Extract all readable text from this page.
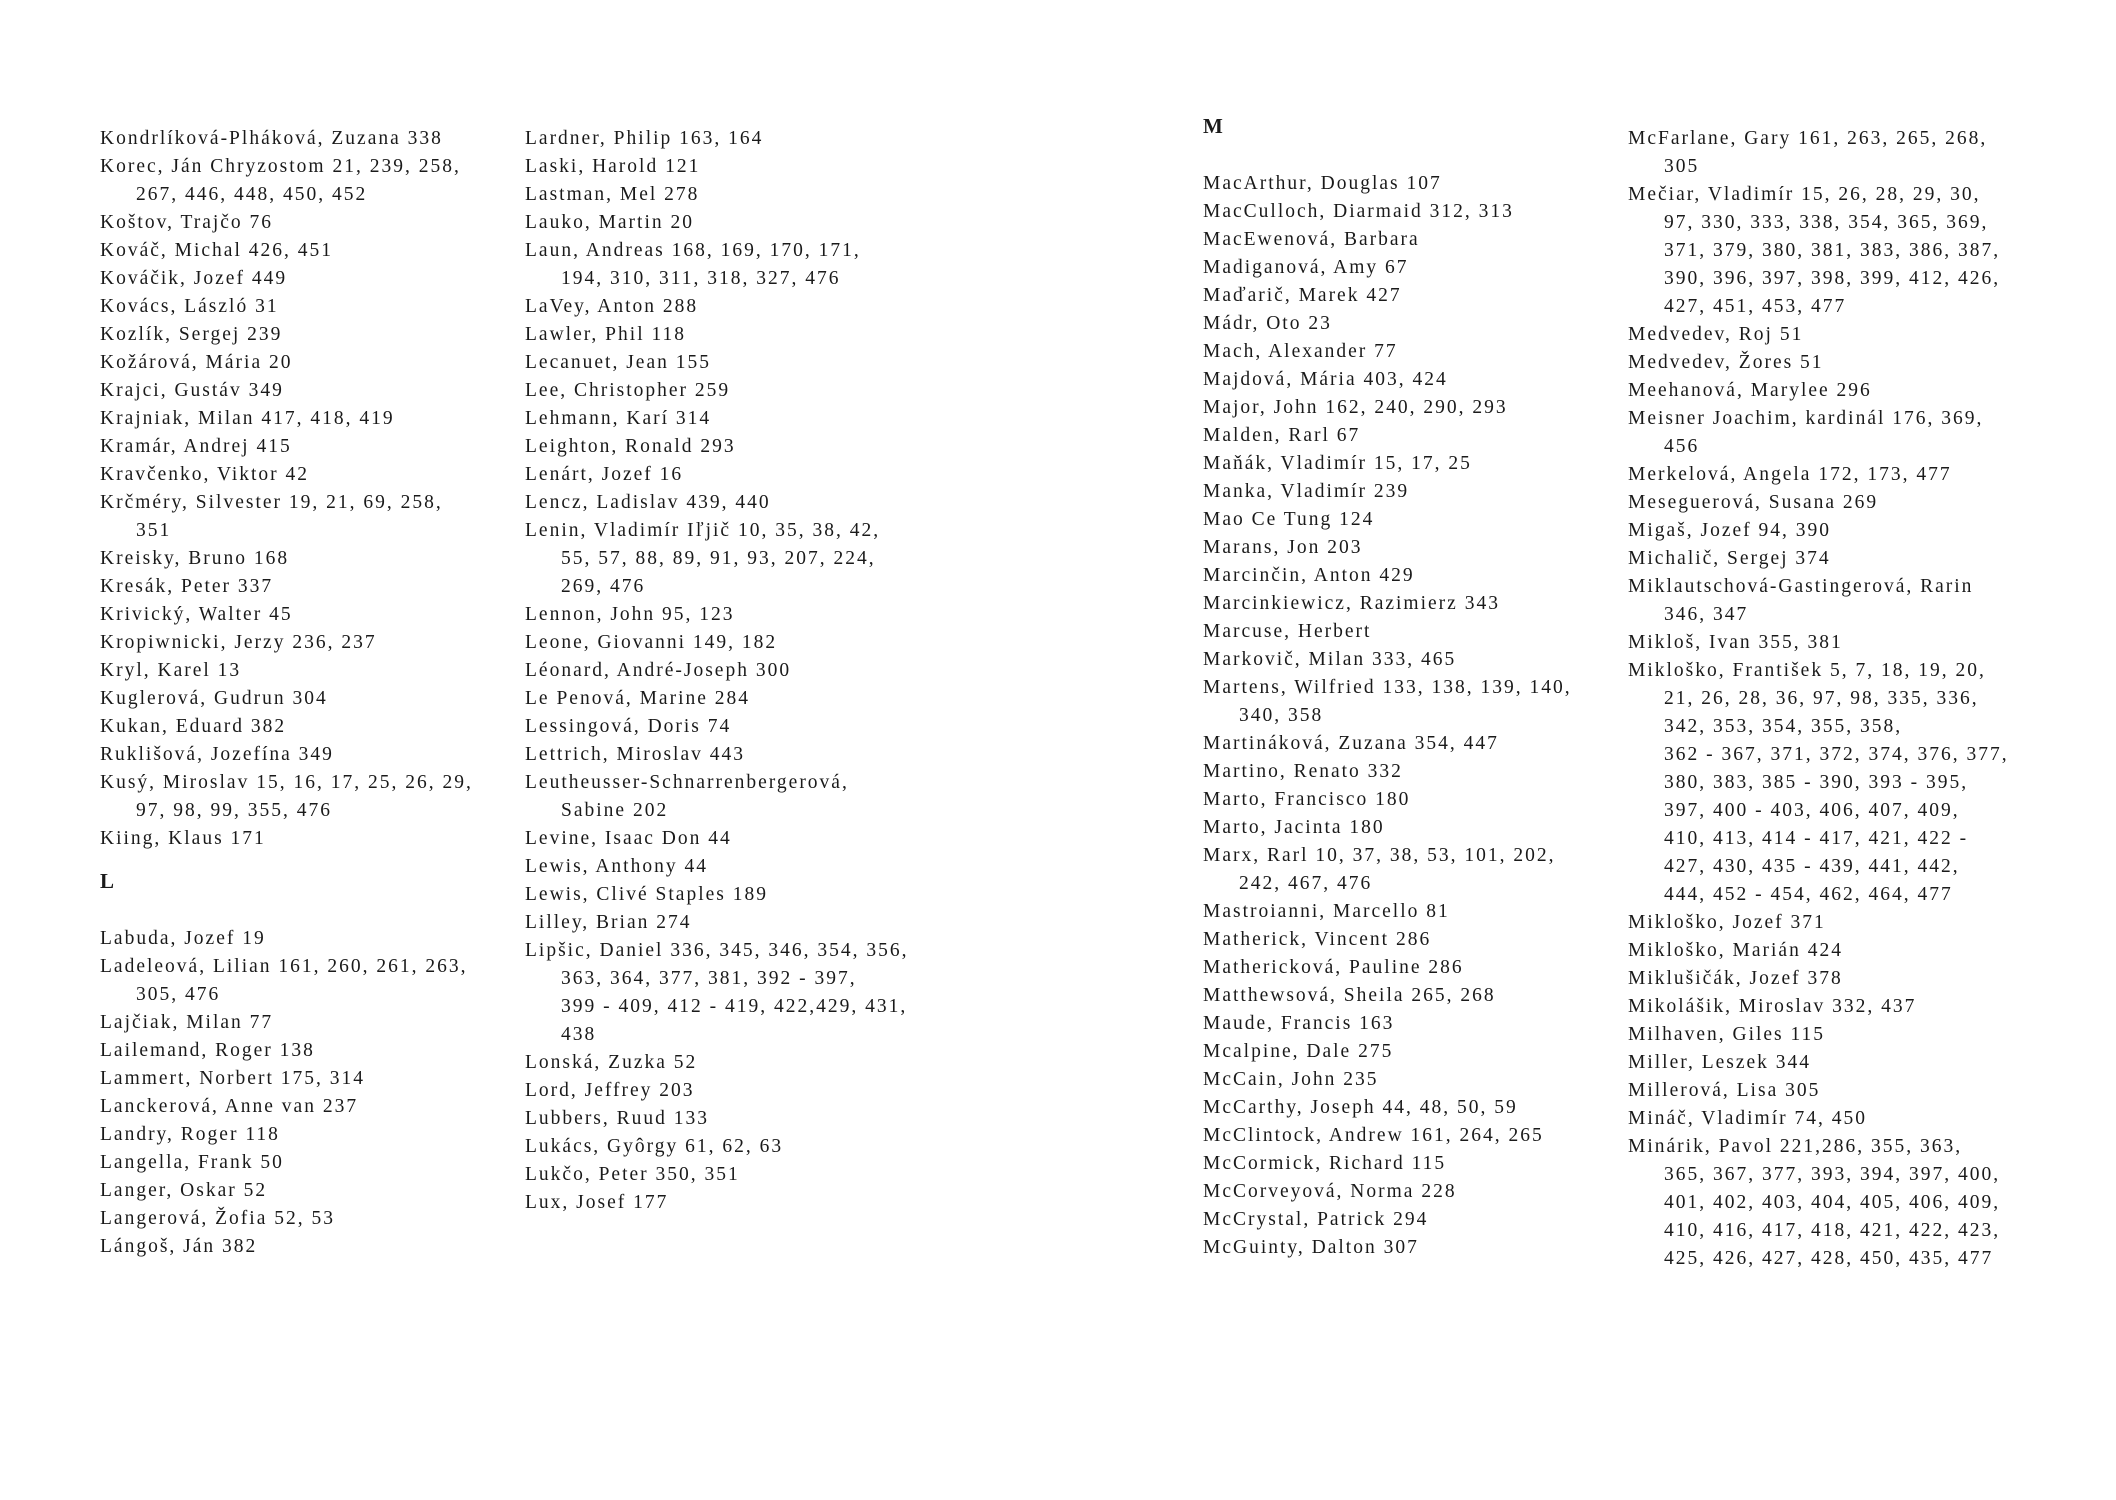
Kondrlíková-Plháková, Zuzana 338
Korec, Ján Chryzostom 21, 239, 258,
267, 446, 448, 450, 452
Koštov, Trajčo 76
Kováč, Michal 426, 451
Kováčik, Jozef 449
Kovács, László 31
Kozlík, Sergej 239
Kožárová, Mária 20
Krajci, Gustáv 349
Krajniak, Milan 417, 418, 419
Kramár, Andrej 415
Kravčenko, Viktor 42
Krčméry, Silvester 19, 21, 69, 258,
351
Kreisky, Bruno 168
Kresák, Peter 337
Krivický, Walter 45
Kropiwnicki, Jerzy 236, 237
Kryl, Karel 13
Kuglerová, Gudrun 304
Kukan, Eduard 382
Ruklišová, Jozefína 349
Kusý, Miroslav 15, 16, 17, 25, 26, 29,
97, 98, 99, 355, 476
Kiing, Klaus 171
L
Labuda, Jozef 19
Ladeleová, Lilian 161, 260, 261, 263,
305, 476
Lajčiak, Milan 77
Lailemand, Roger 138
Lammert, Norbert 175, 314
Lanckerová, Anne van 237
Landry, Roger 118
Langella, Frank 50
Langer, Oskar 52
Langerová, Žofia 52, 53
Lángoš, Ján 382
Lardner, Philip 163, 164
Laski, Harold 121
Lastman, Mel 278
Lauko, Martin 20
Laun, Andreas 168, 169, 170, 171,
194, 310, 311, 318, 327, 476
LaVey, Anton 288
Lawler, Phil 118
Lecanuet, Jean 155
Lee, Christopher 259
Lehmann, Karí 314
Leighton, Ronald 293
Lenárt, Jozef 16
Lencz, Ladislav 439, 440
Lenin, Vladimír Iľjič 10, 35, 38, 42,
55, 57, 88, 89, 91, 93, 207, 224,
269, 476
Lennon, John 95, 123
Leone, Giovanni 149, 182
Léonard, André-Joseph 300
Le Penová, Marine 284
Lessingová, Doris 74
Lettrich, Miroslav 443
Leutheusser-Schnarrenbergerová,
Sabine 202
Levine, Isaac Don 44
Lewis, Anthony 44
Lewis, Clivé Staples 189
Lilley, Brian 274
Lipšic, Daniel 336, 345, 346, 354, 356,
363, 364, 377, 381, 392 - 397,
399 - 409, 412 - 419, 422,429, 431,
438
Lonská, Zuzka 52
Lord, Jeffrey 203
Lubbers, Ruud 133
Lukács, Gyôrgy 61, 62, 63
Lukčo, Peter 350, 351
Lux, Josef 177
M
MacArthur, Douglas 107
MacCulloch, Diarmaid 312, 313
MacEwenová, Barbara
Madiganová, Amy 67
Maďarič, Marek 427
Mádr, Oto 23
Mach, Alexander 77
Majdová, Mária 403, 424
Major, John 162, 240, 290, 293
Malden, Rarl 67
Maňák, Vladimír 15, 17, 25
Manka, Vladimír 239
Mao Ce Tung 124
Marans, Jon 203
Marcinčin, Anton 429
Marcinkiewicz, Razimierz 343
Marcuse, Herbert
Markovič, Milan 333, 465
Martens, Wilfried 133, 138, 139, 140,
340, 358
Martináková, Zuzana 354, 447
Martino, Renato 332
Marto, Francisco 180
Marto, Jacinta 180
Marx, Rarl 10, 37, 38, 53, 101, 202,
242, 467, 476
Mastroianni, Marcello 81
Matherick, Vincent 286
Mathericková, Pauline 286
Matthewsová, Sheila 265, 268
Maude, Francis 163
Mcalpine, Dale 275
McCain, John 235
McCarthy, Joseph 44, 48, 50, 59
McClintock, Andrew 161, 264, 265
McCormick, Richard 115
McCorveyová, Norma 228
McCrystal, Patrick 294
McGuinty, Dalton 307
McFarlane, Gary 161, 263, 265, 268,
305
Mečiar, Vladimír 15, 26, 28, 29, 30,
97, 330, 333, 338, 354, 365, 369,
371, 379, 380, 381, 383, 386, 387,
390, 396, 397, 398, 399, 412, 426,
427, 451, 453, 477
Medvedev, Roj 51
Medvedev, Žores 51
Meehanová, Marylee 296
Meisner Joachim, kardinál 176, 369,
456
Merkelová, Angela 172, 173, 477
Meseguerová, Susana 269
Migaš, Jozef 94, 390
Michalič, Sergej 374
Miklautschová-Gastingerová, Rarin
346, 347
Mikloš, Ivan 355, 381
Mikloško, František 5, 7, 18, 19, 20,
21, 26, 28, 36, 97, 98, 335, 336,
342, 353, 354, 355, 358,
362 - 367, 371, 372, 374, 376, 377,
380, 383, 385 - 390, 393 - 395,
397, 400 - 403, 406, 407, 409,
410, 413, 414 - 417, 421, 422 -
427, 430, 435 - 439, 441, 442,
444, 452 - 454, 462, 464, 477
Mikloško, Jozef 371
Mikloško, Marián 424
Miklušičák, Jozef 378
Mikolášik, Miroslav 332, 437
Milhaven, Giles 115
Miller, Leszek 344
Millerová, Lisa 305
Mináč, Vladimír 74, 450
Minárik, Pavol 221,286, 355, 363,
365, 367, 377, 393, 394, 397, 400,
401, 402, 403, 404, 405, 406, 409,
410, 416, 417, 418, 421, 422, 423,
425, 426, 427, 428, 450, 435, 477
